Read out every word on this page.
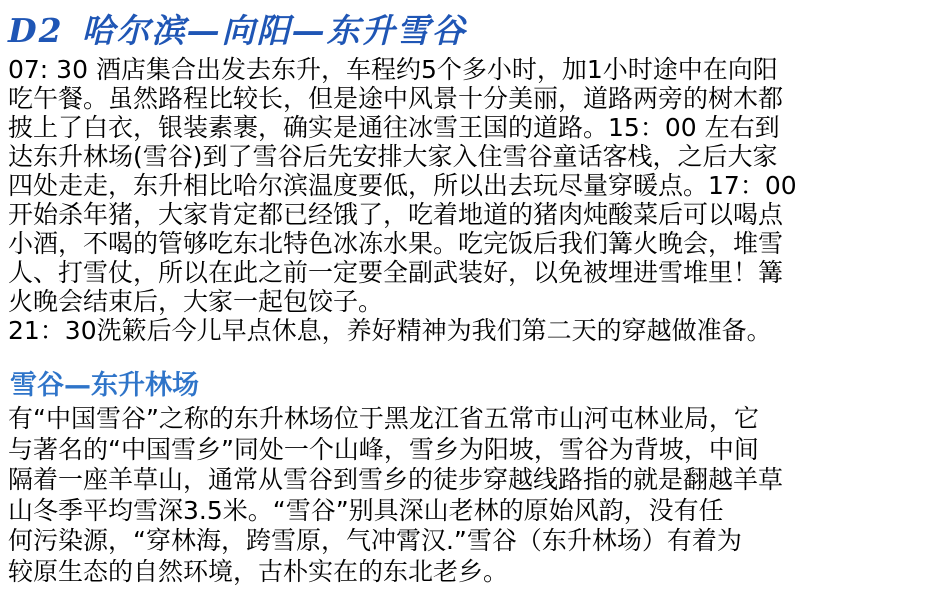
D2 哈尔滨—向阳—东升雪谷
07: 30 酒店集合出发去东升，车程约5个多小时，加1小时途中在向阳
吃午餐。虽然路程比较长，但是途中风景十分美丽，道路两旁的树木都
披上了白衣，银装素裹，确实是通往冰雪王国的道路。15：00 左右到
达东升林场(雪谷)到了雪谷后先安排大家入住雪谷童话客栈，之后大家
四处走走，东升相比哈尔滨温度要低，所以出去玩尽量穿暖点。17：00
开始杀年猪，大家肯定都已经饿了，吃着地道的猪肉炖酸菜后可以喝点
小酒，不喝的管够吃东北特色冰冻水果。吃完饭后我们篝火晚会，堆雪
人、打雪仗，所以在此之前一定要全副武装好，以免被埋进雪堆里！篝
火晚会结束后，大家一起包饺子。
21：30洗簌后今儿早点休息，养好精神为我们第二天的穿越做准备。
雪谷—东升林场
有“中国雪谷”之称的东升林场位于黑龙江省五常市山河屯林业局，它
与著名的“中国雪乡”同处一个山峰，雪乡为阳坡，雪谷为背坡，中间
隔着一座羊草山，通常从雪谷到雪乡的徒步穿越线路指的就是翻越羊草
山冬季平均雪深3.5米。“雪谷”别具深山老林的原始风韵，没有任
何污染源，“穿林海，跨雪原，气冲霄汉.”雪谷（东升林场）有着为
较原生态的自然环境，古朴实在的东北老乡。
